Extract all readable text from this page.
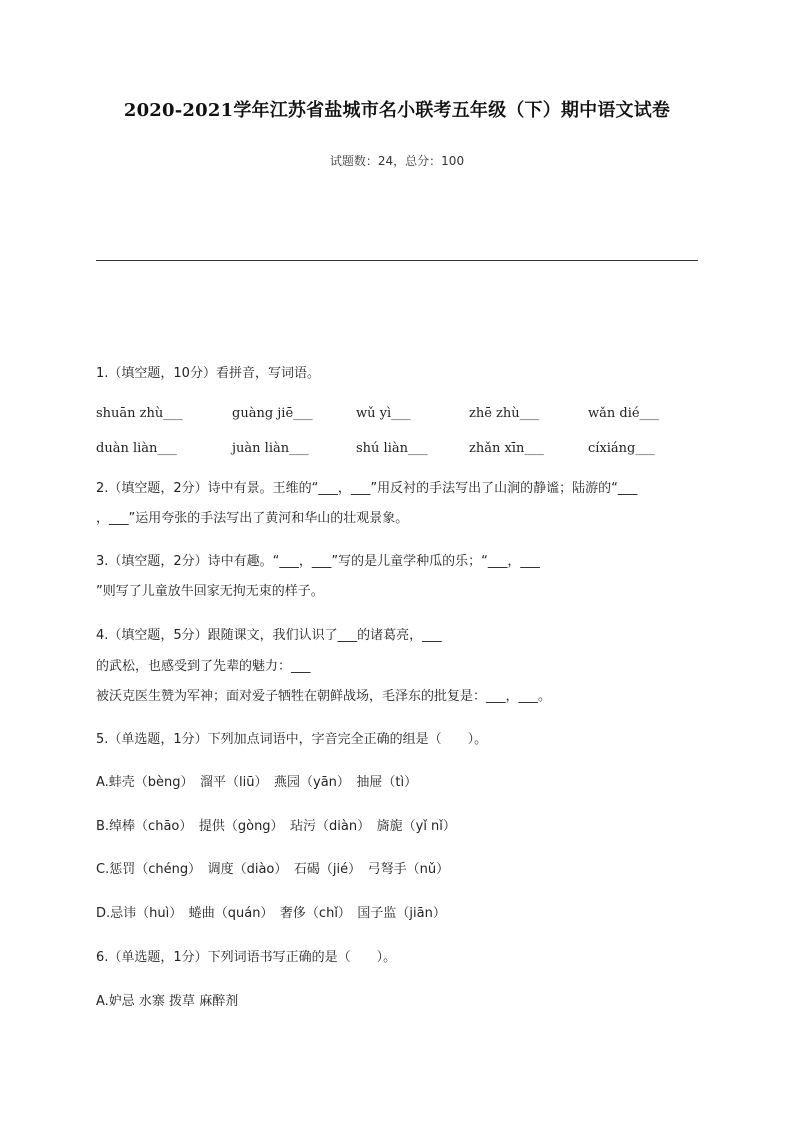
2020-2021学年江苏省盐城市名小联考五年级（下）期中语文试卷
试题数：24，总分：100
1.（填空题，10分）看拼音，写词语。
shuān zhù___	guàng jiē___	wǔ yì___	zhē zhù___	wǎn dié___
duàn liàn___	juàn liàn___	shú liàn___	zhǎn xīn___	cíxiáng___
2.（填空题，2分）诗中有景。王维的“___，___”用反衬的手法写出了山涧的静谧；陆游的“___
，___”运用夸张的手法写出了黄河和华山的壮观景象。
3.（填空题，2分）诗中有趣。“___，___”写的是儿童学种瓜的乐；“___，___
”则写了儿童放牛回家无拘无束的样子。
4.（填空题，5分）跟随课文，我们认识了___的诸葛亮，___
的武松，也感受到了先辈的魅力：___
被沃克医生赞为军神；面对爱子牺牲在朝鲜战场，毛泽东的批复是：___，___。
5.（单选题，1分）下列加点词语中，字音完全正确的组是（　　）。
A.蚌壳（bèng）　溜平（liū）　燕园（yān）　抽屉（tì）
B.绰棒（chāo）　提供（gòng）　玷污（diàn）　旖旎（yǐ nǐ）
C.惩罚（chéng）　调度（diào）　石碣（jié）　弓弩手（nǔ）
D.忌讳（huì）　蜷曲（quán）　奢侈（chǐ）　国子监（jiān）
6.（单选题，1分）下列词语书写正确的是（　　）。
A.妒忌 水寨 拨草 麻醉剂
